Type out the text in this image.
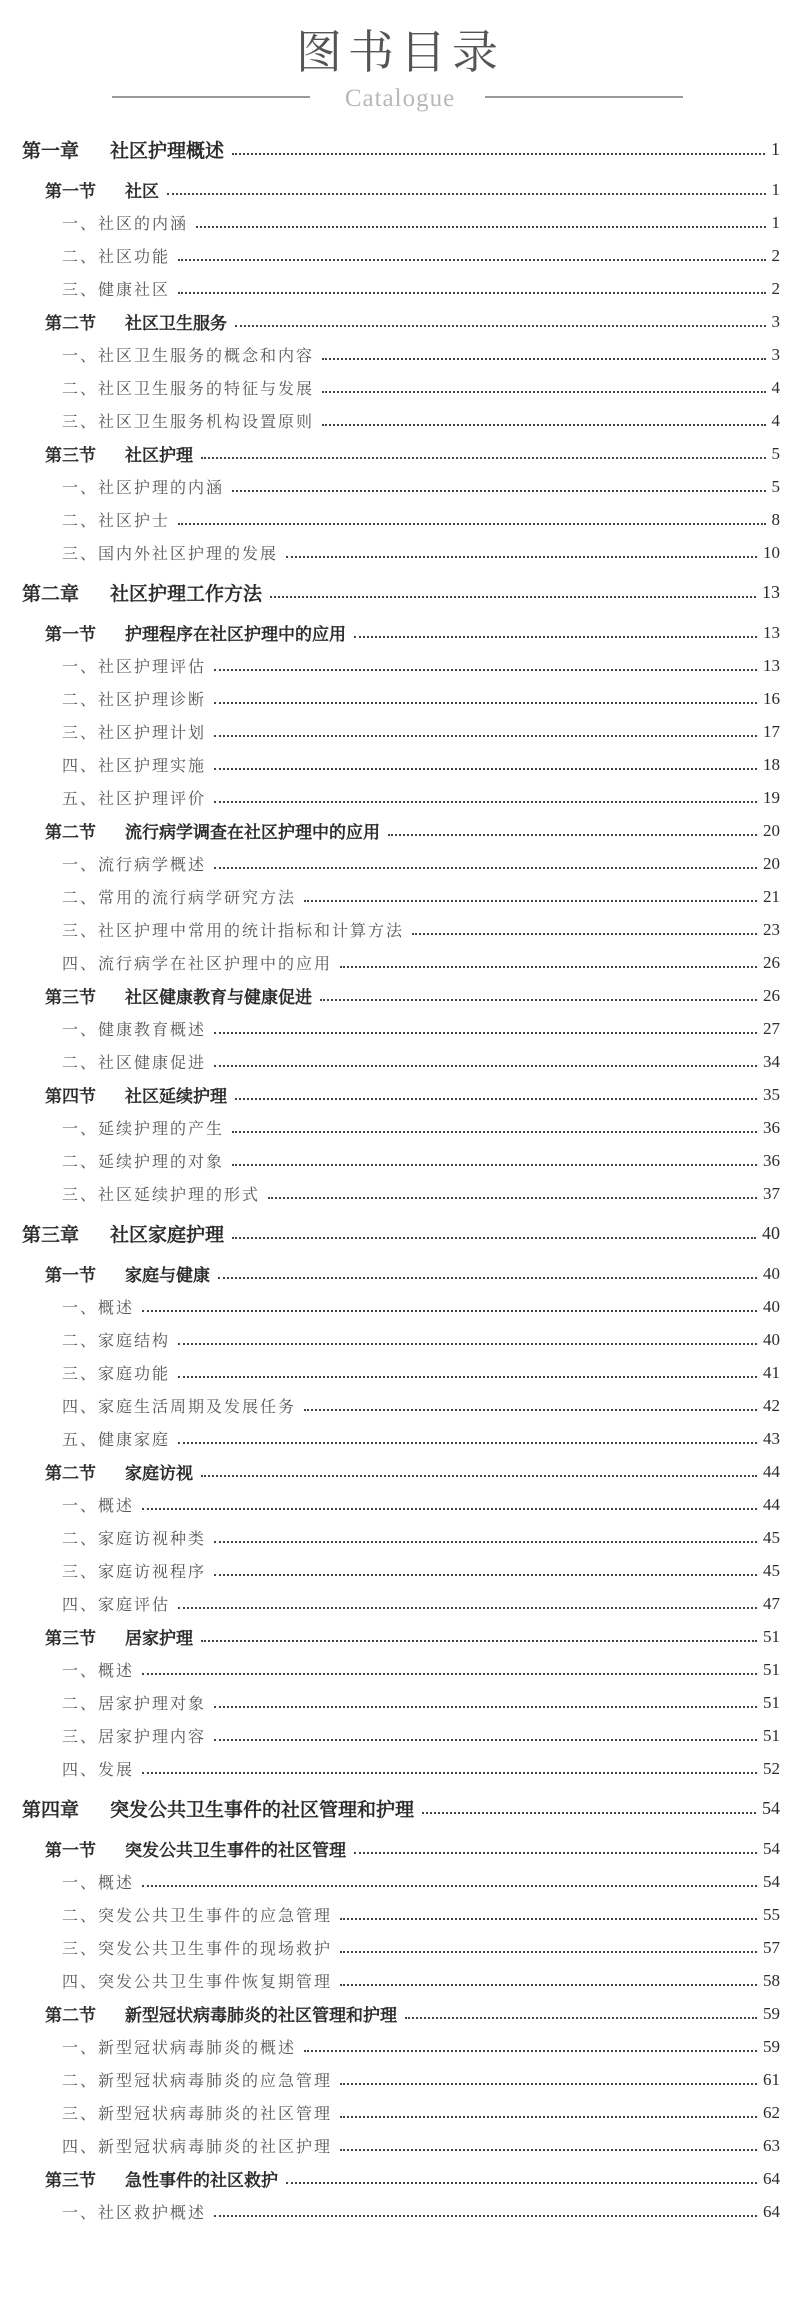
图书目录
Catalogue
第一章 社区护理概述	1
第一节 社区	1
一、社区的内涵	1
二、社区功能	2
三、健康社区	2
第二节 社区卫生服务	3
一、社区卫生服务的概念和内容	3
二、社区卫生服务的特征与发展	4
三、社区卫生服务机构设置原则	4
第三节 社区护理	5
一、社区护理的内涵	5
二、社区护士	8
三、国内外社区护理的发展	10
第二章 社区护理工作方法	13
第一节 护理程序在社区护理中的应用	13
一、社区护理评估	13
二、社区护理诊断	16
三、社区护理计划	17
四、社区护理实施	18
五、社区护理评价	19
第二节 流行病学调查在社区护理中的应用	20
一、流行病学概述	20
二、常用的流行病学研究方法	21
三、社区护理中常用的统计指标和计算方法	23
四、流行病学在社区护理中的应用	26
第三节 社区健康教育与健康促进	26
一、健康教育概述	27
二、社区健康促进	34
第四节 社区延续护理	35
一、延续护理的产生	36
二、延续护理的对象	36
三、社区延续护理的形式	37
第三章 社区家庭护理	40
第一节 家庭与健康	40
一、概述	40
二、家庭结构	40
三、家庭功能	41
四、家庭生活周期及发展任务	42
五、健康家庭	43
第二节 家庭访视	44
一、概述	44
二、家庭访视种类	45
三、家庭访视程序	45
四、家庭评估	47
第三节 居家护理	51
一、概述	51
二、居家护理对象	51
三、居家护理内容	51
四、发展	52
第四章 突发公共卫生事件的社区管理和护理	54
第一节 突发公共卫生事件的社区管理	54
一、概述	54
二、突发公共卫生事件的应急管理	55
三、突发公共卫生事件的现场救护	57
四、突发公共卫生事件恢复期管理	58
第二节 新型冠状病毒肺炎的社区管理和护理	59
一、新型冠状病毒肺炎的概述	59
二、新型冠状病毒肺炎的应急管理	61
三、新型冠状病毒肺炎的社区管理	62
四、新型冠状病毒肺炎的社区护理	63
第三节 急性事件的社区救护	64
一、社区救护概述	64
